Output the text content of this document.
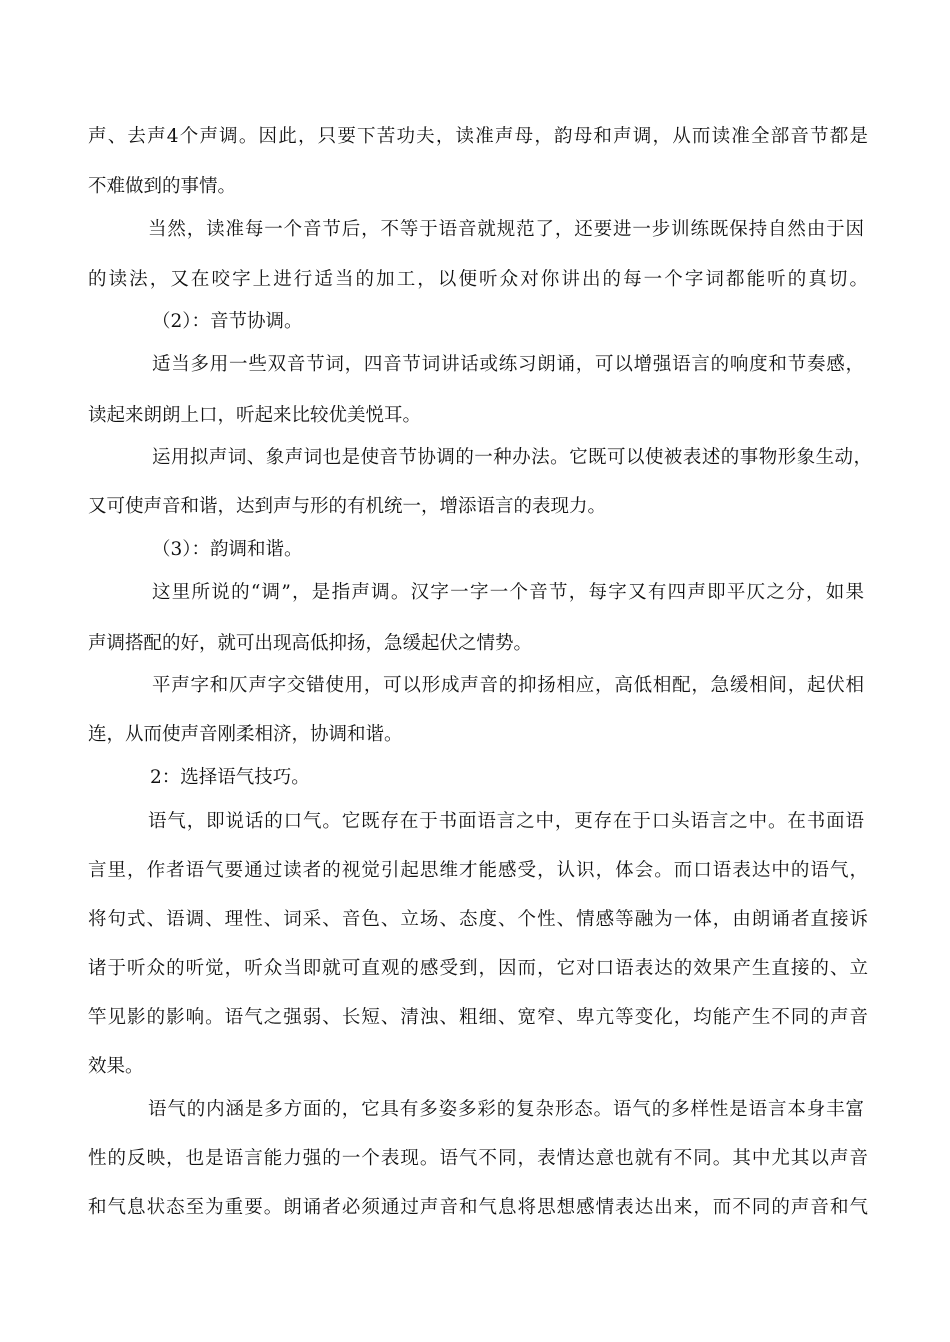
声、去声4个声调。因此，只要下苦功夫，读准声母，韵母和声调，从而读准全部音节都是
不难做到的事情。
当然，读准每一个音节后，不等于语音就规范了，还要进一步训练既保持自然由于因
的读法，又在咬字上进行适当的加工，以便听众对你讲出的每一个字词都能听的真切。
（2）：音节协调。
适当多用一些双音节词，四音节词讲话或练习朗诵，可以增强语言的响度和节奏感，
读起来朗朗上口，听起来比较优美悦耳。
运用拟声词、象声词也是使音节协调的一种办法。它既可以使被表述的事物形象生动，
又可使声音和谐，达到声与形的有机统一，增添语言的表现力。
（3）：韵调和谐。
这里所说的“调”，是指声调。汉字一字一个音节，每字又有四声即平仄之分，如果
声调搭配的好，就可出现高低抑扬，急缓起伏之情势。
平声字和仄声字交错使用，可以形成声音的抑扬相应，高低相配，急缓相间，起伏相
连，从而使声音刚柔相济，协调和谐。
2：选择语气技巧。
语气，即说话的口气。它既存在于书面语言之中，更存在于口头语言之中。在书面语
言里，作者语气要通过读者的视觉引起思维才能感受，认识，体会。而口语表达中的语气，
将句式、语调、理性、词采、音色、立场、态度、个性、情感等融为一体，由朗诵者直接诉
诸于听众的听觉，听众当即就可直观的感受到，因而，它对口语表达的效果产生直接的、立
竿见影的影响。语气之强弱、长短、清浊、粗细、宽窄、卑亢等变化，均能产生不同的声音
效果。
语气的内涵是多方面的，它具有多姿多彩的复杂形态。语气的多样性是语言本身丰富
性的反映，也是语言能力强的一个表现。语气不同，表情达意也就有不同。其中尤其以声音
和气息状态至为重要。朗诵者必须通过声音和气息将思想感情表达出来，而不同的声音和气
